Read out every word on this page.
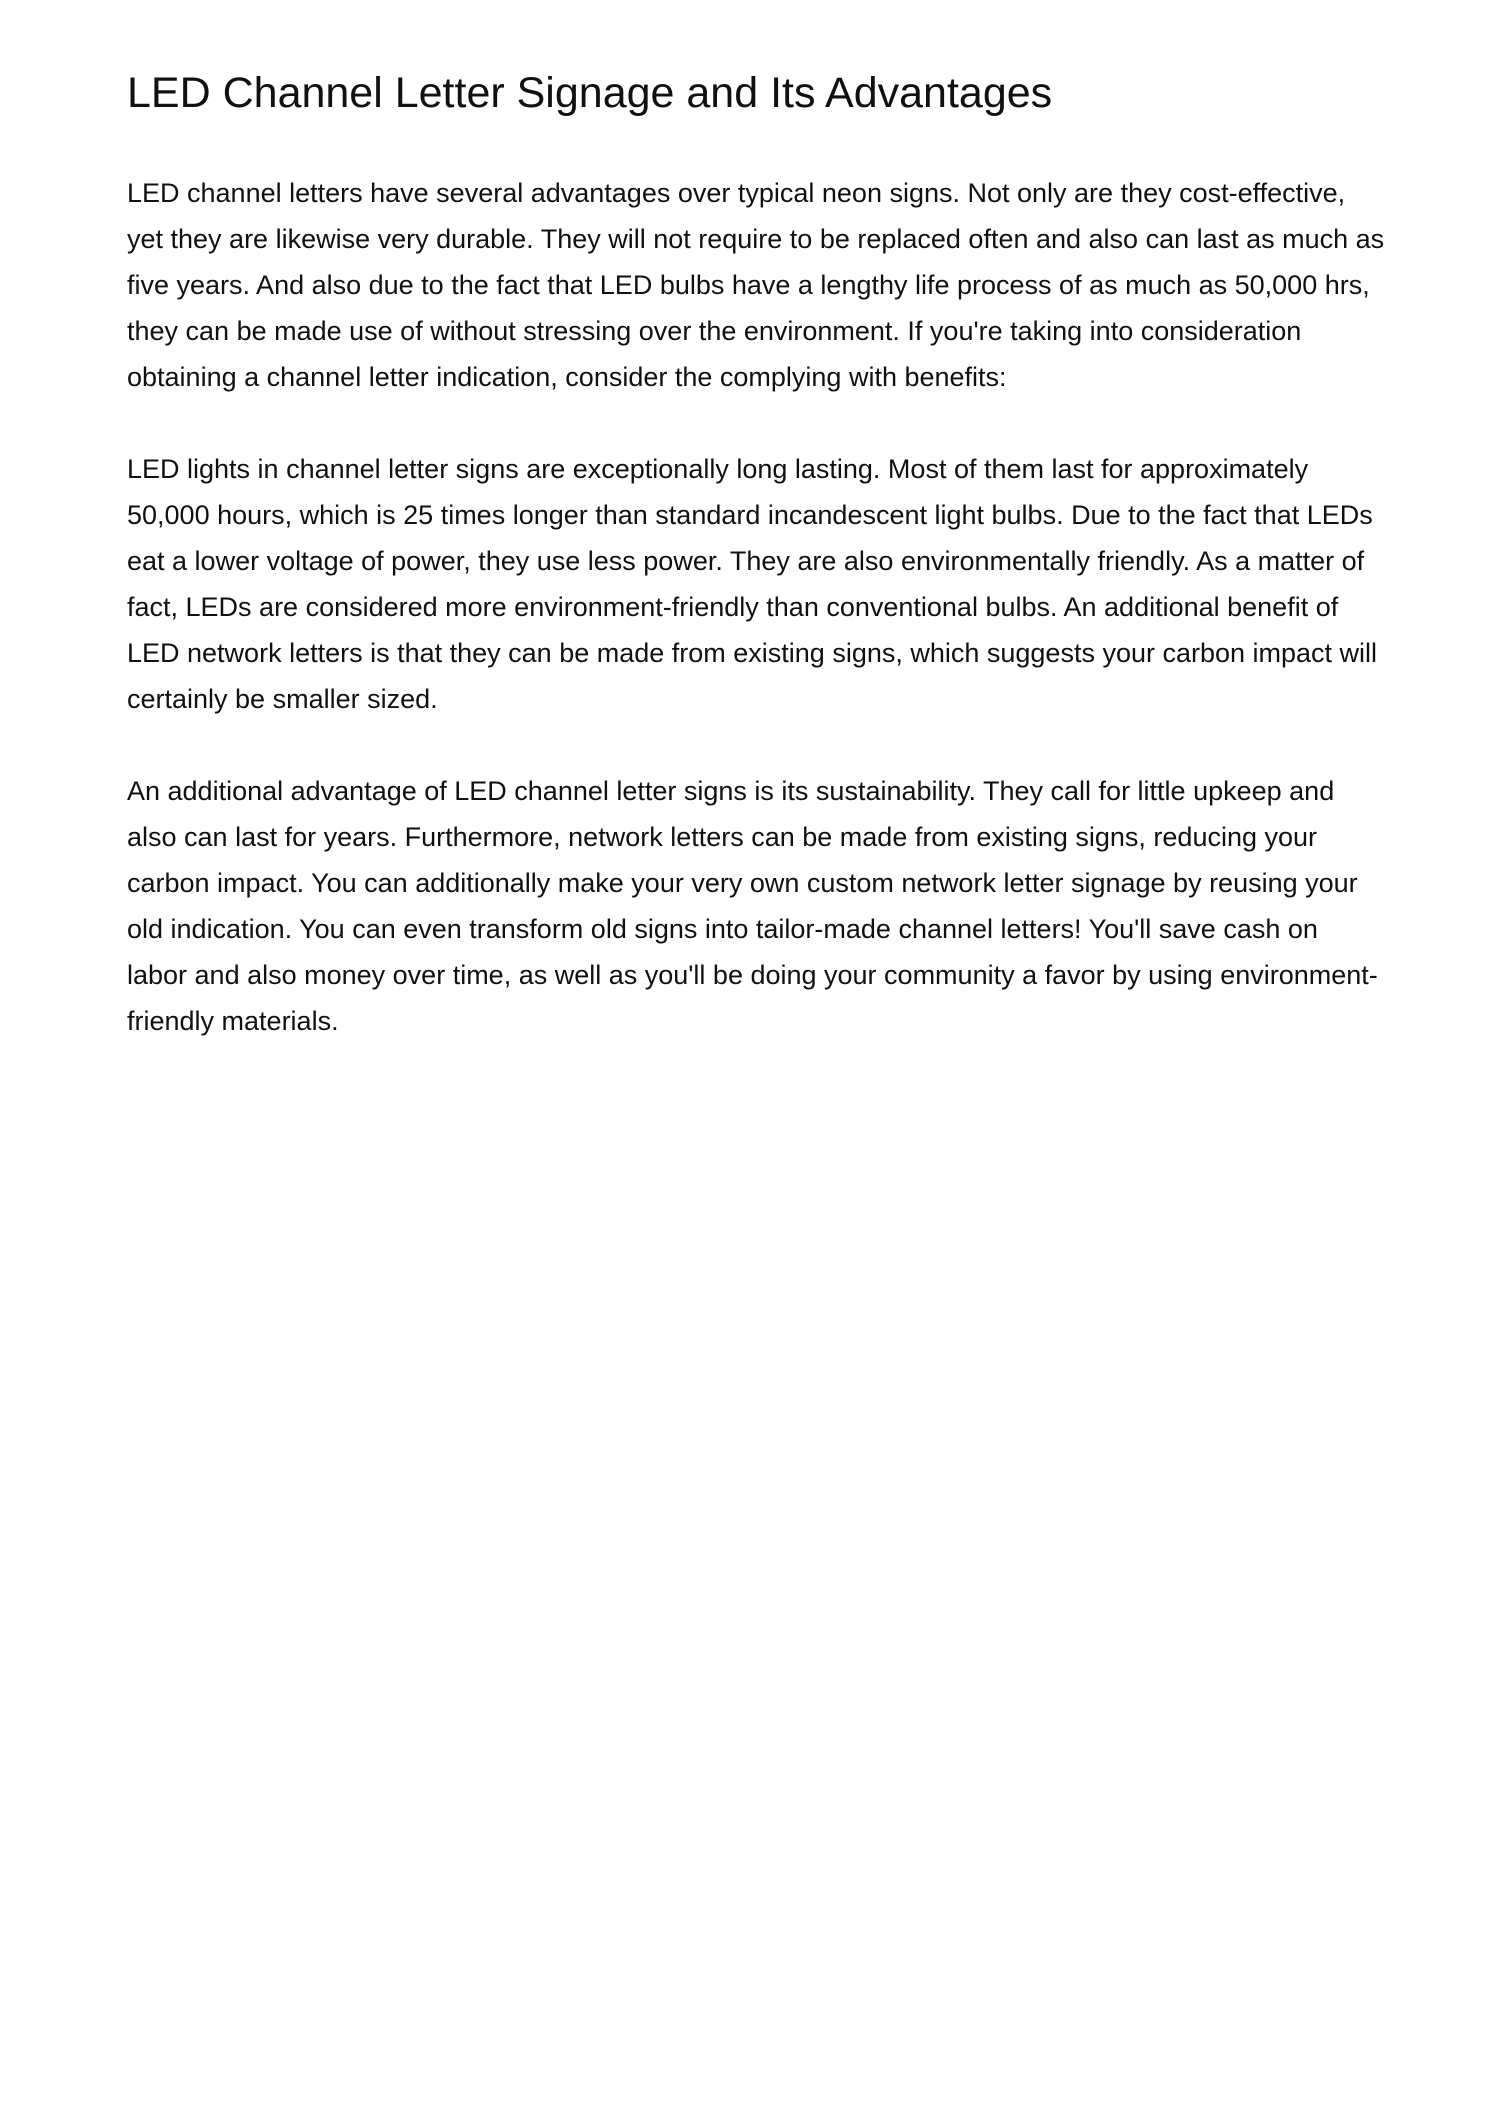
LED Channel Letter Signage and Its Advantages

LED channel letters have several advantages over typical neon signs. Not only are they cost-effective, yet they are likewise very durable. They will not require to be replaced often and also can last as much as five years. And also due to the fact that LED bulbs have a lengthy life process of as much as 50,000 hrs, they can be made use of without stressing over the environment. If you're taking into consideration obtaining a channel letter indication, consider the complying with benefits:

LED lights in channel letter signs are exceptionally long lasting. Most of them last for approximately 50,000 hours, which is 25 times longer than standard incandescent light bulbs. Due to the fact that LEDs eat a lower voltage of power, they use less power. They are also environmentally friendly. As a matter of fact, LEDs are considered more environment-friendly than conventional bulbs. An additional benefit of LED network letters is that they can be made from existing signs, which suggests your carbon impact will certainly be smaller sized.

An additional advantage of LED channel letter signs is its sustainability. They call for little upkeep and also can last for years. Furthermore, network letters can be made from existing signs, reducing your carbon impact. You can additionally make your very own custom network letter signage by reusing your old indication. You can even transform old signs into tailor-made channel letters! You'll save cash on labor and also money over time, as well as you'll be doing your community a favor by using environment-friendly materials.
